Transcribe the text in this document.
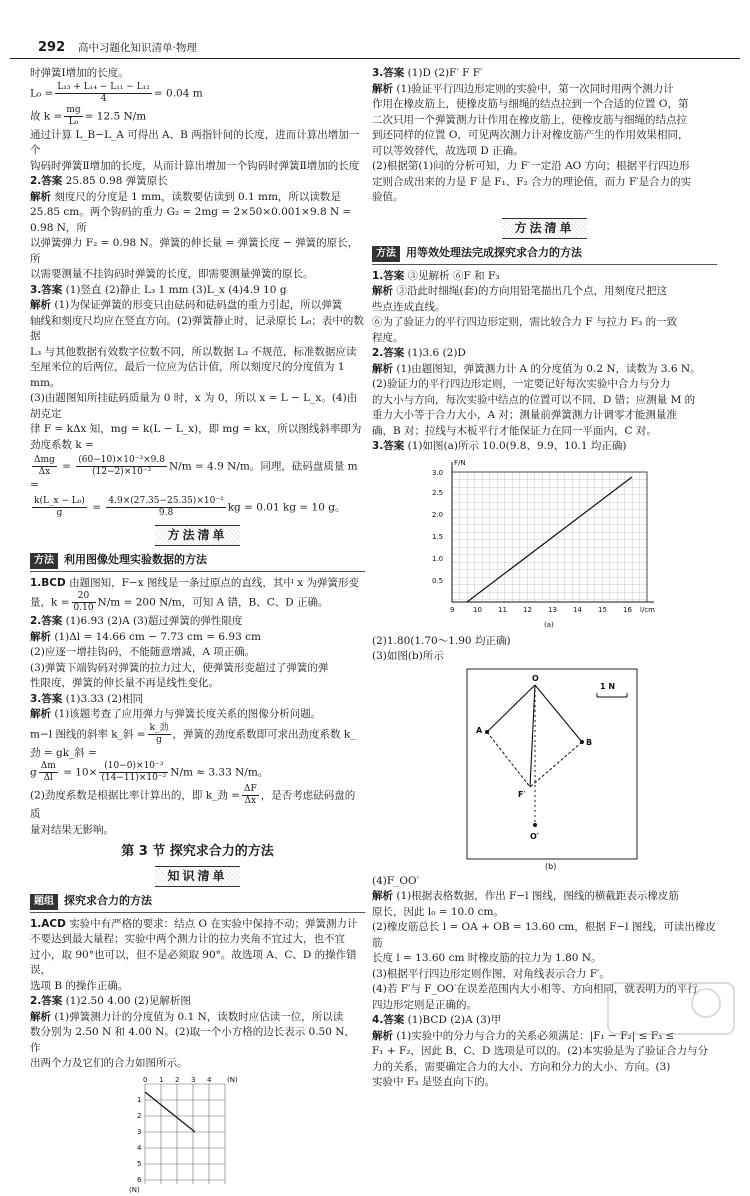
292 高中习题化知识清单·物理

时弹簧Ⅰ增加的长度。

$L_0 = \frac{\text{L₁₃ + L₁₄ − L₁₁ − L₁₂}}{4} = 0.04$ m

故 $k = \frac{mg}{\text{L₀}} = 12.5$ N/m

通过计算 L_B−L_A 可得出 A、B 两指针间的长度，进而计算出增加一个

钩码时弹簧Ⅱ增加的长度，从而计算出增加一个钩码时弹簧Ⅱ增加的长度

2.答案 25.85 0.98 弹簧原长

解析 刻度尺的分度是 1 mm，读数要估读到 0.1 mm，所以读数是

25.85 cm。两个钩码的重力 G₂ = 2mg = 2×50×0.001×9.8 N = 0.98 N，所

以弹簧弹力 F₂ = 0.98 N。弹簧的伸长量 = 弹簧长度 − 弹簧的原长，所

以需要测量不挂钩码时弹簧的长度，即需要测量弹簧的原长。

3.答案 (1)竖直 (2)静止 L₃ 1 mm (3)L_x (4)4.9 10 g

解析 (1)为保证弹簧的形变只由砝码和砝码盘的重力引起，所以弹簧

轴线和刻度尺均应在竖直方向。(2)弹簧静止时，记录原长 L₀；表中的数据

L₃ 与其他数据有效数字位数不同，所以数据 L₃ 不规范，标准数据应读

至厘米位的后两位，最后一位应为估计值，所以刻度尺的分度值为 1 mm。

(3)由题图知所挂砝码质量为 0 时，x 为 0，所以 x = L − L_x。(4)由胡克定

律 F = kΔx 知，mg = k(L − L_x)，即 mg = kx，所以图线斜率即为劲度系数 k =

$\frac{\text{Δmg}}{\Delta x} = \frac{\text{(60−10)×10⁻³×9.8}}{\text{(12−2)×10⁻²}} N/m = 4.9$ N/m。同理，砝码盘质量 m =

$\frac{\text{k(L\_x − L₀)}}{g} = \frac{\text{4.9×(27.35−25.35)×10⁻²}}{9.8}$ kg = 0.01 kg = 10 g。

方法清单
方法 利用图像处理实验数据的方法

1.BCD 由题图知，F−x 图线是一条过原点的直线，其中 x 为弹簧形变

量，$k = \frac{20}{0.10} N/m = 200$ N/m，可知 A 错，B、C、D 正确。

2.答案 (1)6.93 (2)A (3)超过弹簧的弹性限度

解析 (1)Δl = 14.66 cm − 7.73 cm = 6.93 cm

(2)应逐一增挂钩码，不能随意增减，A 项正确。

(3)弹簧下端钩码对弹簧的拉力过大，使弹簧形变超过了弹簧的弹

性限度，弹簧的伸长量不再是线性变化。

3.答案 (1)3.33 (2)相同

解析 (1)该题考查了应用弹力与弹簧长度关系的图像分析问题。

m−l 图线的斜率 k_斜 = $\frac{\text{k\_劲}}{g}$ ，弹簧的劲度系数即可求出劲度系数 k_劲 = gk_斜 =

g $\frac{\Delta m}{\Delta l} = 10\times \frac{\text{(10−0)×10⁻³}}{\text{(14−11)×10⁻²}} N/m \approx 3.33$ N/m。

(2)劲度系数是根据比率计算出的，即 k_劲 = $\frac{\Delta F}{\Delta x}$ ，是否考虑砝码盘的质

量对结果无影响。

第 3 节 探究求合力的方法
知识清单
题组 探究求合力的方法

1.ACD 实验中有严格的要求：结点 O 在实验中保持不动；弹簧测力计

不要达到最大量程；实验中两个测力计的拉力夹角不宜过大，也不宜

过小，取 90°也可以，但不是必须取 90°。故选项 A、C、D 的操作错误，

选项 B 的操作正确。

2.答案 (1)2.50 4.00 (2)见解析图

解析 (1)弹簧测力计的分度值为 0.1 N，读数时应估读一位，所以读

数分别为 2.50 N 和 4.00 N。(2)取一个小方格的边长表示 0.50 N，作

出两个力及它们的合力如图所示。

0 1 2 3 4 (N)
1
2
3
4
5
6
(N)

3.答案 (1)D (2)F′ F F′

解析 (1)验证平行四边形定则的实验中，第一次同时用两个测力计

作用在橡皮筋上，使橡皮筋与细绳的结点拉到一个合适的位置 O，第

二次只用一个弹簧测力计作用在橡皮筋上，使橡皮筋与细绳的结点拉

到还同样的位置 O，可见两次测力计对橡皮筋产生的作用效果相同，

可以等效替代，故选项 D 正确。

(2)根据第(1)问的分析可知，力 F′一定沿 AO 方向；根据平行四边形

定则合成出来的力是 F 是 F₁、F₂ 合力的理论值，而力 F′是合力的实

验值。

方法清单
方法 用等效处理法完成探究求合力的方法

1.答案 ③见解析 ⑥F 和 F₃

解析 ③沿此时细绳(套)的方向用铅笔描出几个点，用刻度尺把这

些点连成直线。

⑥为了验证力的平行四边形定则，需比较合力 F 与拉力 F₃ 的一致

程度。

2.答案 (1)3.6 (2)D

解析 (1)由题图知，弹簧测力计 A 的分度值为 0.2 N，读数为 3.6 N。

(2)验证力的平行四边形定则，一定要记好每次实验中合力与分力

的大小与方向，每次实验中结点的位置可以不同，D 错；应测量 M 的

重力大小等于合力大小，A 对；测量前弹簧测力计调零才能测量准

确，B 对；拉线与木板平行才能保证力在同一平面内，C 对。

3.答案 (1)如图(a)所示 10.0(9.8、9.9、10.1 均正确)

F/N
0.5
1.0
1.5
2.0
2.5
3.0
9	10 11 12 13 14 15 16 l/cm
(a)

(2)1.80(1.70～1.90 均正确)

(3)如图(b)所示

1 N
O
A
B
F′
O′
(b)

(4)F_OO′

解析 (1)根据表格数据，作出 F−l 图线，图线的横截距表示橡皮筋

原长，因此 l₀ = 10.0 cm。

(2)橡皮筋总长 l = OA + OB = 13.60 cm，根据 F−l 图线，可读出橡皮筋

长度 l = 13.60 cm 时橡皮筋的拉力为 1.80 N。

(3)根据平行四边形定则作图，对角线表示合力 F′。

(4)若 F′与 F_OO′在误差范围内大小相等、方向相同，就表明力的平行

四边形定则是正确的。

4.答案 (1)BCD (2)A (3)甲

解析 (1)实验中的分力与合力的关系必须满足：|F₁ − F₂| ≤ F₃ ≤

F₁ + F₂，因此 B、C、D 选项是可以的。(2)本实验是为了验证合力与分

力的关系，需要确定合力的大小、方向和分力的大小、方向。(3)

实验中 F₃ 是竖直向下的。
